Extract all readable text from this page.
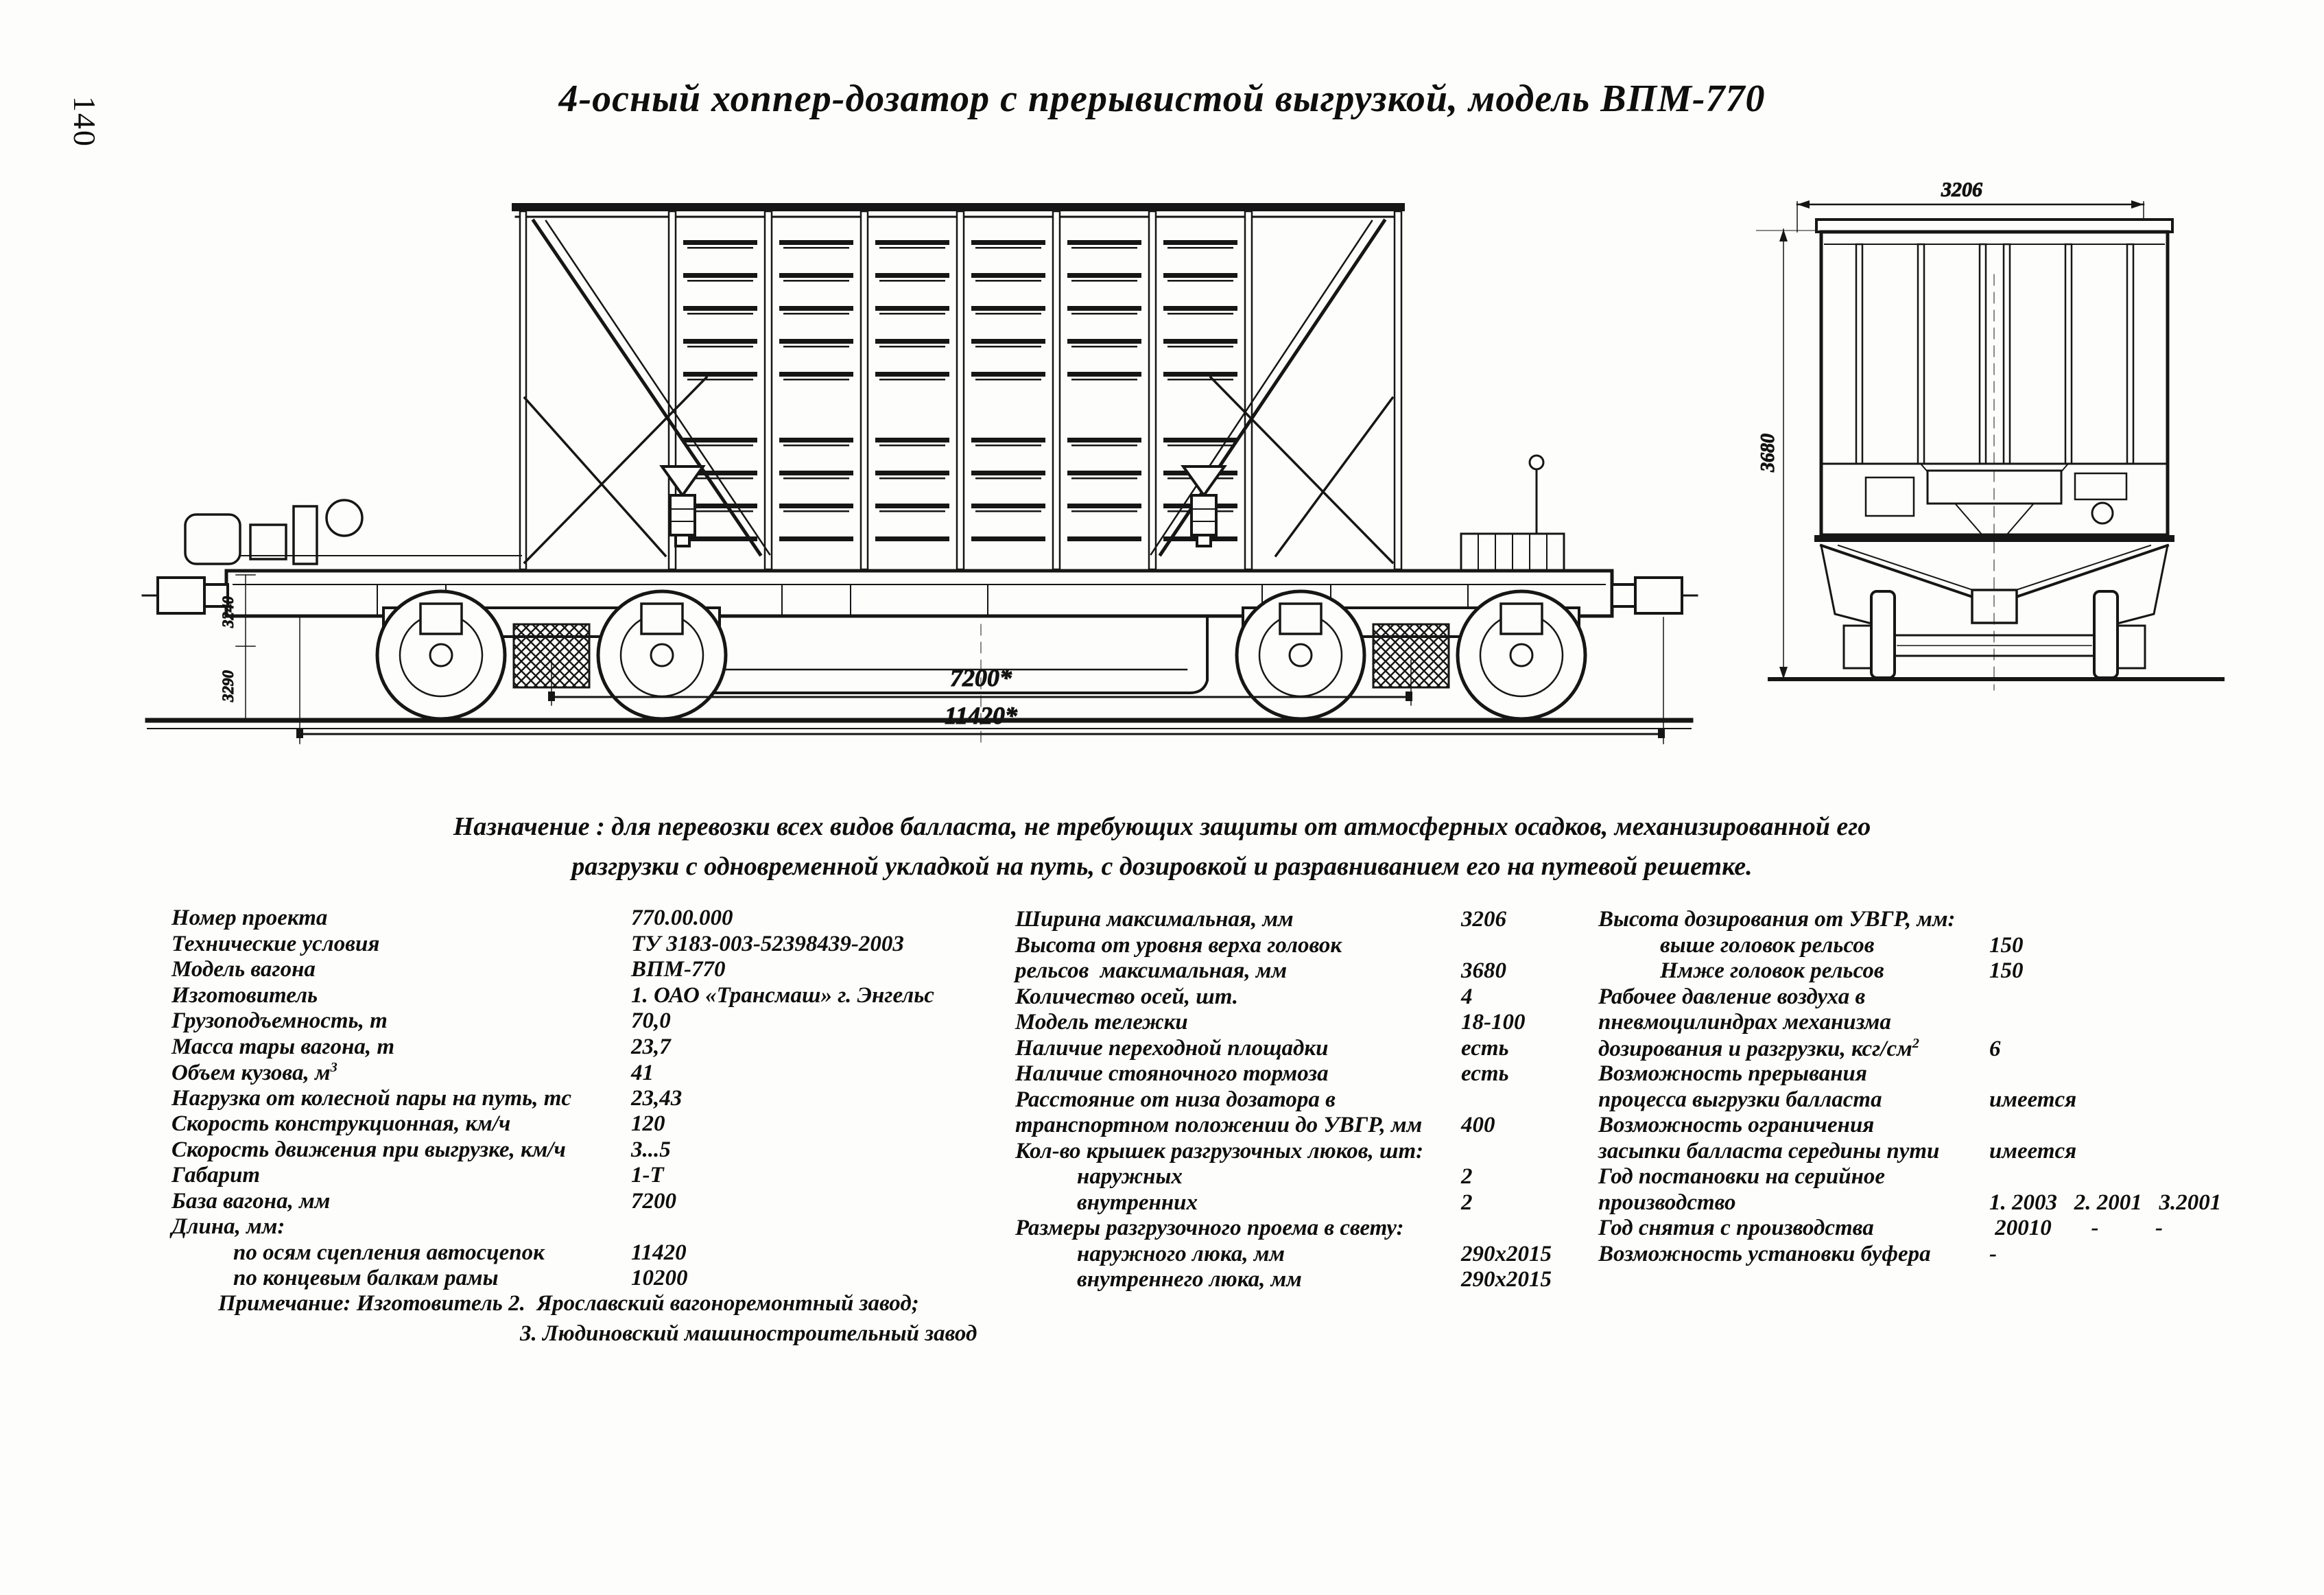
140	4-осный хоппер-дозатор с прерывистой выгрузкой, модель ВПМ-770
7200*
11420*
3240
3290
3206
3680
Назначение : для перевозки всех видов балласта, не требующих защиты от атмосферных осадков, механизированной его
разгрузки с одновременной укладкой на путь, с дозировкой и разравниванием его на путевой решетке.
Номер проекта	770.00.000
Технические условия	ТУ 3183-003-52398439-2003
Модель вагона	ВПМ-770
Изготовитель	1. ОАО «Трансмаш» г. Энгельс
Грузоподъемность, т	70,0
Масса тары вагона, т	23,7
Объем кузова, $м^3$	41
Нагрузка от колесной пары на путь, тс	23,43
Скорость конструкционная, км/ч	120
Скорость движения при выгрузке, км/ч	3...5
Габарит	1-Т
База вагона, мм	7200
Длина, мм:
по осям сцепления автосцепок	11420
по концевым балкам рамы	10200
Ширина максимальная, мм	3206
Высота от уровня верха головок
рельсов  максимальная, мм	3680
Количество осей, шт.	4
Модель тележки	18-100
Наличие переходной площадки	есть
Наличие стояночного тормоза	есть
Расстояние от низа дозатора в
транспортном положении до УВГР, мм	400
Кол-во крышек разгрузочных люков, шт:
наружных	2
внутренних	2
Размеры разгрузочного проема в свету:
наружного люка, мм	290х2015
внутреннего люка, мм	290х2015
Высота дозирования от УВГР, мм:
выше головок рельсов	150
Нмже головок рельсов	150
Рабочее давление воздуха в
пневмоцилиндрах механизма
дозирования и разгрузки, ксг/$см^2$	6
Возможность прерывания
процесса выгрузки балласта	имеется
Возможность ограничения
засыпки балласта середины пути	имеется
Год постановки на серийное
производство	1. 2003   2. 2001   3.2001
Год снятия с производства	20010       -          -
Возможность установки буфера	-
Примечание: Изготовитель 2.  Ярославский вагоноремонтный завод;
3. Людиновский машиностроительный завод
